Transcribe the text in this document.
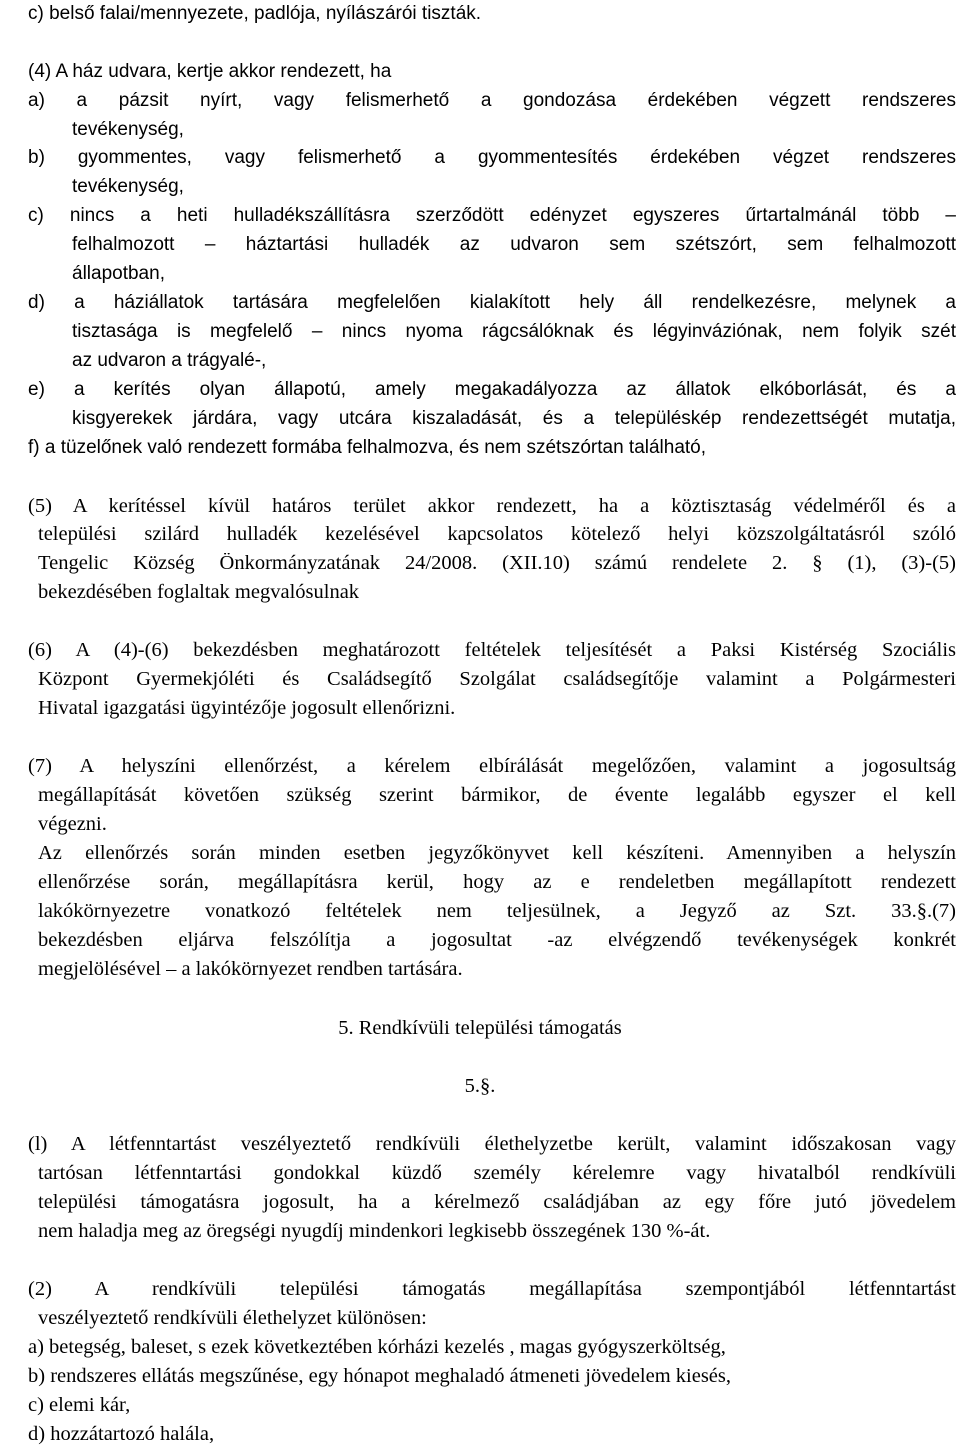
c) belső falai/mennyezete, padlója, nyílászárói tiszták.
(4) A ház udvara, kertje akkor rendezett, ha
a) a pázsit nyírt, vagy felismerhető a gondozása érdekében végzett rendszeres
tevékenység,
b) gyommentes, vagy felismerhető a gyommentesítés érdekében végzet rendszeres
tevékenység,
c) nincs a heti hulladékszállításra szerződött edényzet egyszeres űrtartalmánál több –
felhalmozott – háztartási hulladék az udvaron sem szétszórt, sem felhalmozott
állapotban,
d) a háziállatok tartására megfelelően kialakított hely áll rendelkezésre, melynek a
tisztasága is megfelelő – nincs nyoma rágcsálóknak és légyinváziónak, nem folyik szét
az udvaron a trágyalé-,
e) a kerítés olyan állapotú, amely megakadályozza az állatok elkóborlását, és a
kisgyerekek járdára, vagy utcára kiszaladását, és a településkép rendezettségét mutatja,
f) a tüzelőnek való rendezett formába felhalmozva, és nem szétszórtan található,
(5) A kerítéssel kívül határos terület akkor rendezett, ha a köztisztaság védelméről és a
települési szilárd hulladék kezelésével kapcsolatos kötelező helyi közszolgáltatásról szóló
Tengelic Község Önkormányzatának 24/2008. (XII.10) számú rendelete 2. § (1), (3)-(5)
bekezdésében foglaltak megvalósulnak
(6) A (4)-(6) bekezdésben meghatározott feltételek teljesítését a Paksi Kistérség Szociális
Központ Gyermekjóléti és Családsegítő Szolgálat családsegítője valamint a Polgármesteri
Hivatal igazgatási ügyintézője jogosult ellenőrizni.
(7) A helyszíni ellenőrzést, a kérelem elbírálását megelőzően, valamint a jogosultság
megállapítását követően szükség szerint bármikor, de évente legalább egyszer el kell
végezni.
Az ellenőrzés során minden esetben jegyzőkönyvet kell készíteni. Amennyiben a helyszín
ellenőrzése során, megállapításra kerül, hogy az e rendeletben megállapított rendezett
lakókörnyezetre vonatkozó feltételek nem teljesülnek, a Jegyző az Szt. 33.§.(7)
bekezdésben eljárva felszólítja a jogosultat -az elvégzendő tevékenységek konkrét
megjelölésével – a lakókörnyezet rendben tartására.
5. Rendkívüli települési támogatás
5.§.
(l) A létfenntartást veszélyeztető rendkívüli élethelyzetbe került, valamint időszakosan vagy
tartósan létfenntartási gondokkal küzdő személy kérelemre vagy hivatalból rendkívüli
települési támogatásra jogosult, ha a kérelmező családjában az egy főre jutó jövedelem
nem haladja meg az öregségi nyugdíj mindenkori legkisebb összegének 130 %-át.
(2) A rendkívüli települési támogatás megállapítása szempontjából létfenntartást
veszélyeztető rendkívüli élethelyzet különösen:
a) betegség, baleset, s ezek következtében kórházi kezelés , magas gyógyszerköltség,
b) rendszeres ellátás megszűnése, egy hónapot meghaladó átmeneti jövedelem kiesés,
c) elemi kár,
d) hozzátartozó halála,
